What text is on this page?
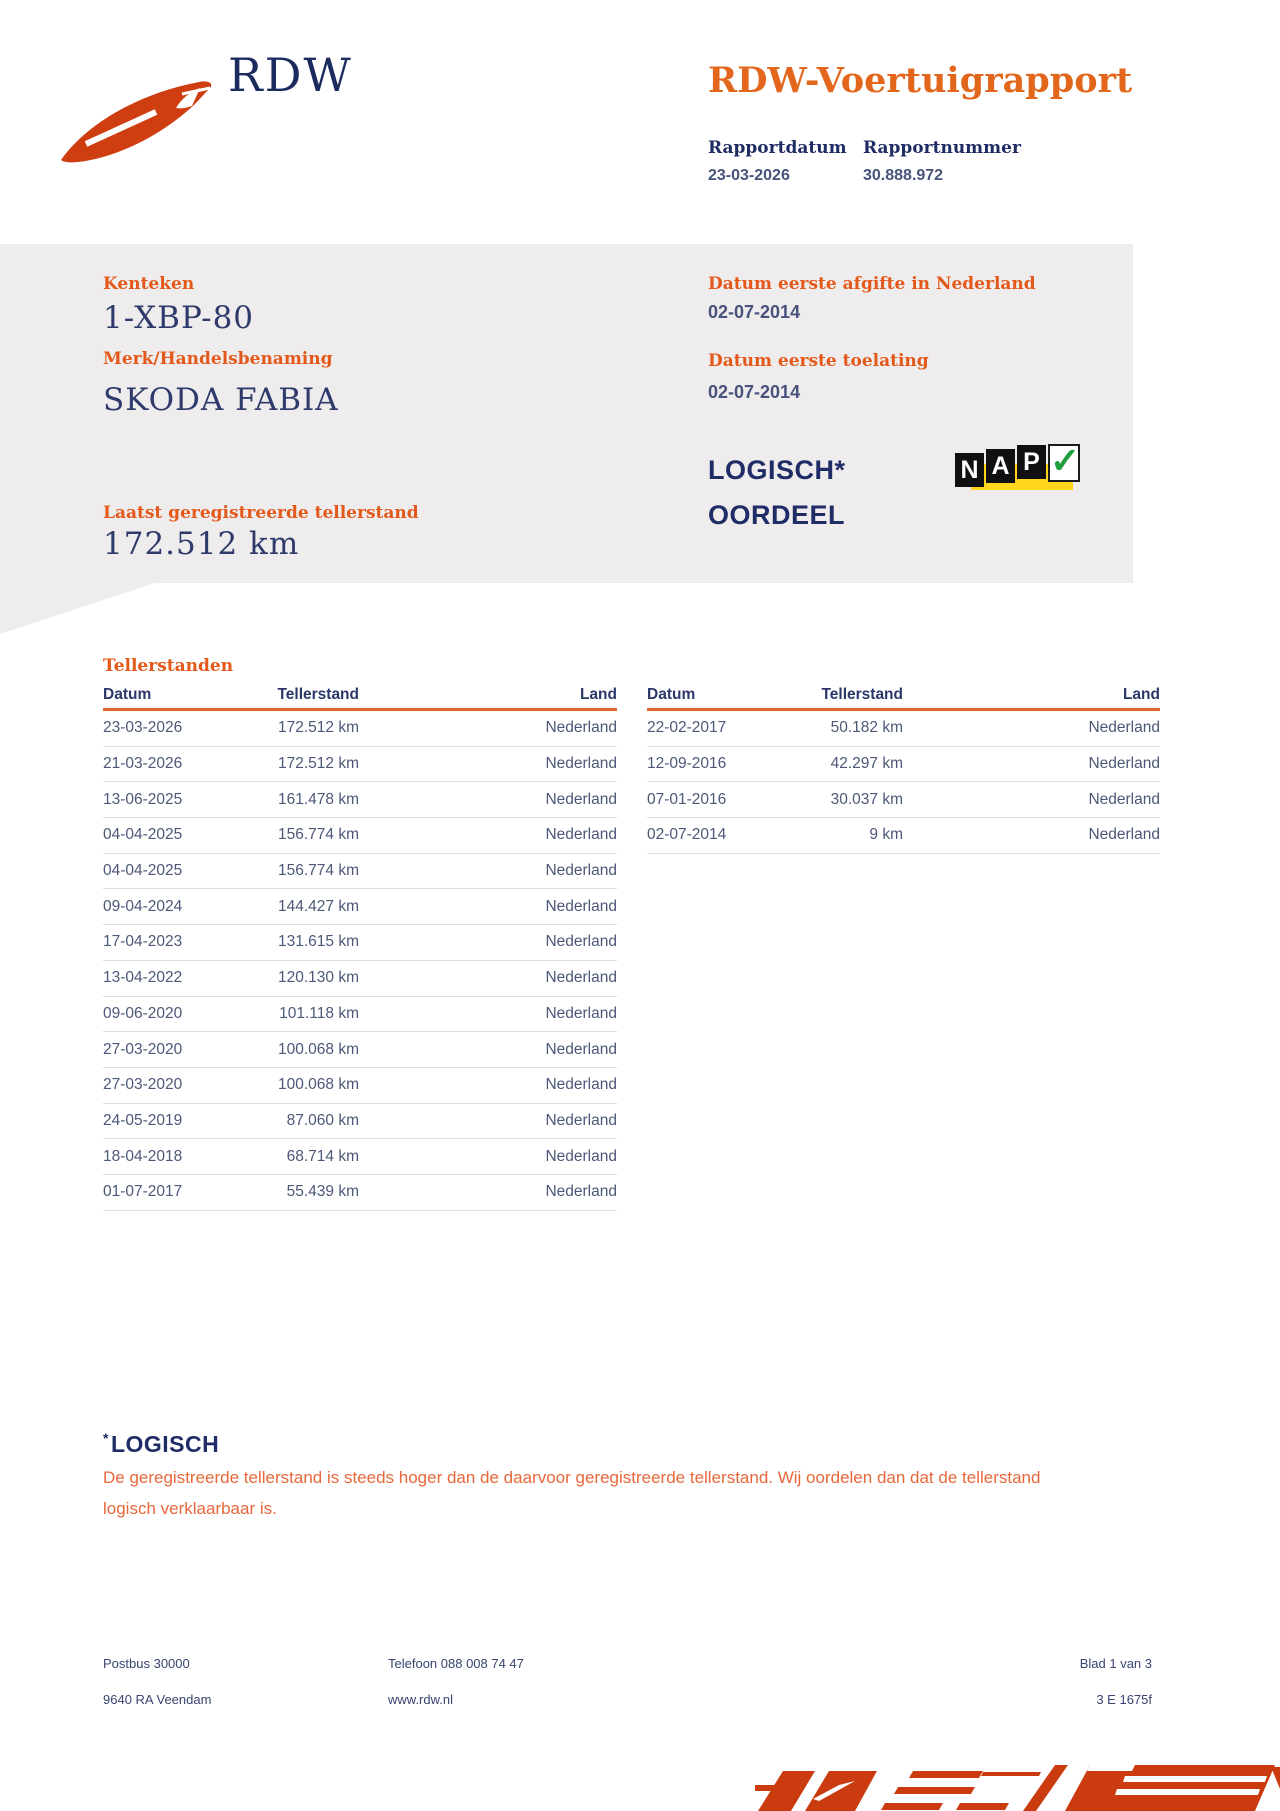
RDW	RDW-Voertuigrapport
Rapportdatum Rapportnummer
23-03-2026	30.888.972
Kenteken
1-XBP-80
Merk/Handelsbenaming
SKODA FABIA
Datum eerste afgifte in Nederland
02-07-2014
Datum eerste toelating
02-07-2014
LOGISCH*
OORDEEL
N A P ✓
Laatst geregistreerde tellerstand
172.512 km
Tellerstanden
Datum	Tellerstand	Land
23-03-2026	172.512 km	Nederland
21-03-2026	172.512 km	Nederland
13-06-2025	161.478 km	Nederland
04-04-2025	156.774 km	Nederland
04-04-2025	156.774 km	Nederland
09-04-2024	144.427 km	Nederland
17-04-2023	131.615 km	Nederland
13-04-2022	120.130 km	Nederland
09-06-2020	101.118 km	Nederland
27-03-2020	100.068 km	Nederland
27-03-2020	100.068 km	Nederland
24-05-2019	87.060 km	Nederland
18-04-2018	68.714 km	Nederland
01-07-2017	55.439 km	Nederland
Datum	Tellerstand	Land
22-02-2017	50.182 km	Nederland
12-09-2016	42.297 km	Nederland
07-01-2016	30.037 km	Nederland
02-07-2014	9 km	Nederland
*LOGISCH
De geregistreerde tellerstand is steeds hoger dan de daarvoor geregistreerde tellerstand. Wij oordelen dan dat de tellerstand logisch verklaarbaar is.
Postbus 30000
9640 RA Veendam
Telefoon 088 008 74 47
www.rdw.nl
Blad 1 van 3
3 E 1675f
